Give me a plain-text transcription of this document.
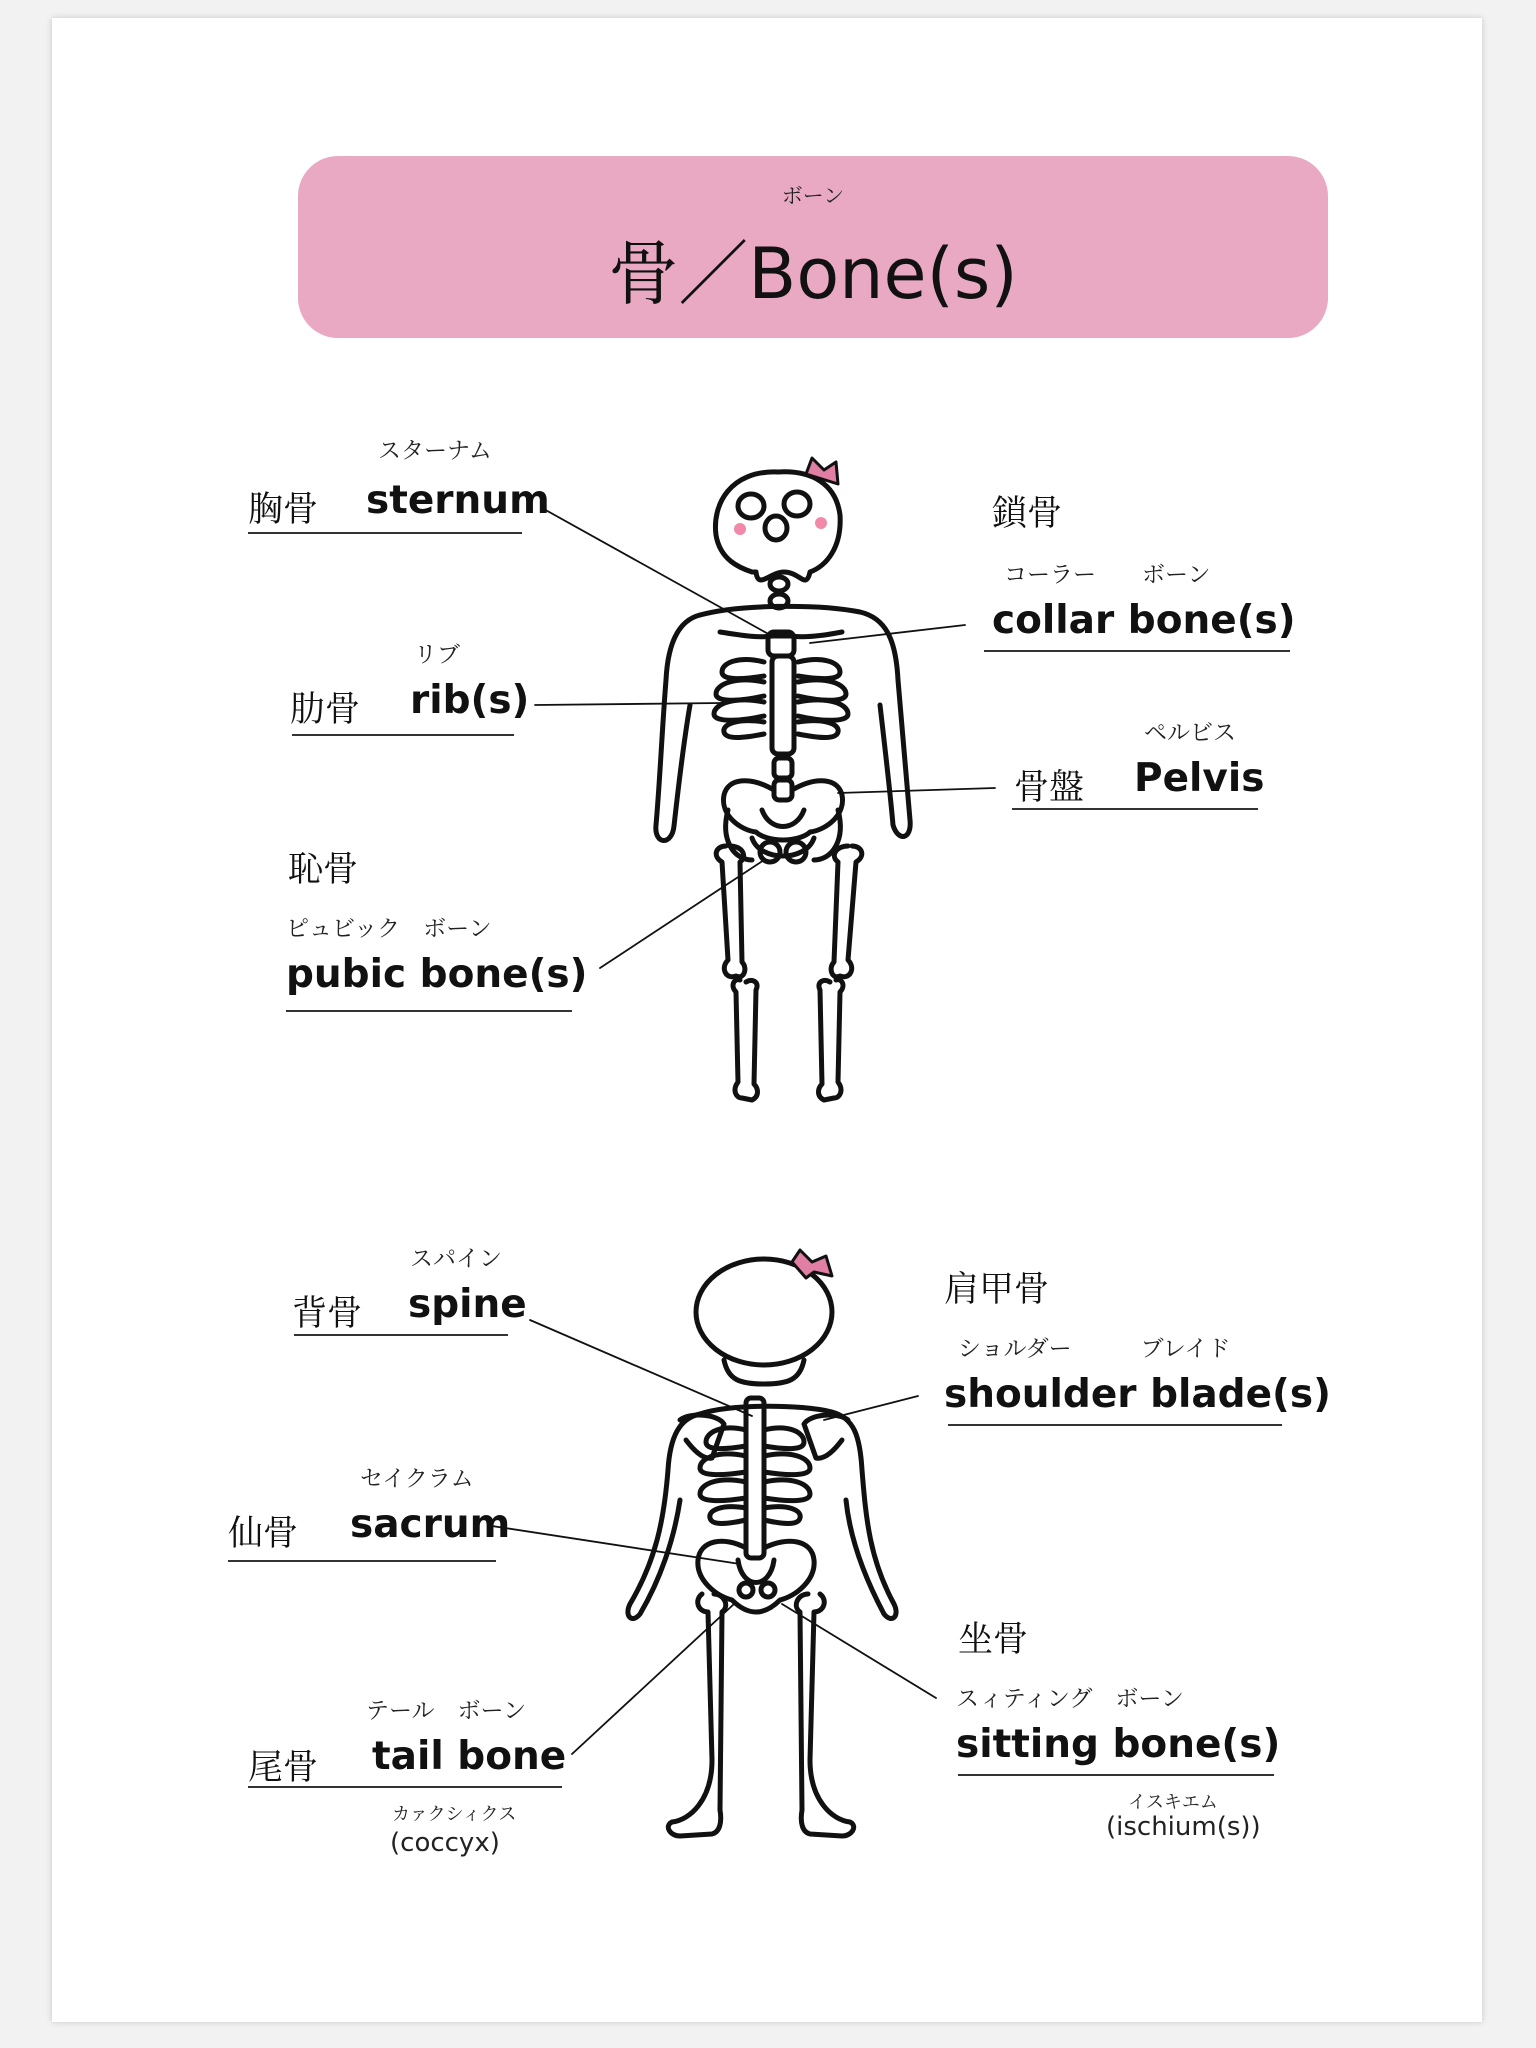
ボーン
骨／Bone(s)
スターナム
胸骨 sternum
リブ
肋骨 rib(s)
恥骨
ピュビック　ボーン
pubic bone(s)
鎖骨
コーラー　　ボーン
collar bone(s)
ペルビス
骨盤 Pelvis
スパイン
背骨 spine
セイクラム
仙骨 sacrum
テール　ボーン
尾骨 tail bone
カァクシィクス
(coccyx)
肩甲骨
ショルダー　　　ブレイド
shoulder blade(s)
坐骨
スィティング　ボーン
sitting bone(s)
イスキエム
(ischium(s))
